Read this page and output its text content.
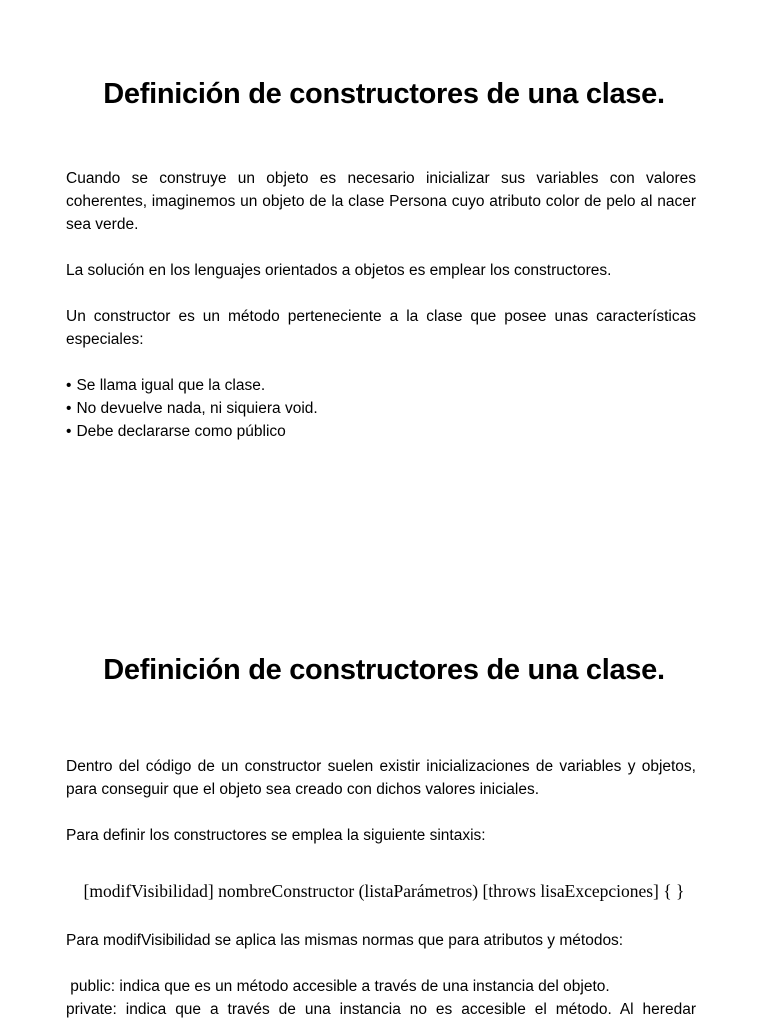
Definición de constructores de una clase.

Cuando se construye un objeto es necesario inicializar sus variables con valores coherentes, imaginemos un objeto de la clase Persona cuyo atributo color de pelo al nacer sea verde.

La solución en los lenguajes orientados a objetos es emplear los constructores.

Un constructor es un método perteneciente a la clase que posee unas características especiales:

• Se llama igual que la clase.
• No devuelve nada, ni siquiera void.
• Debe declararse como público
Definición de constructores de una clase.

Dentro del código de un constructor suelen existir inicializaciones de variables y objetos, para conseguir que el objeto sea creado con dichos valores iniciales.

Para definir los constructores se emplea la siguiente sintaxis:

[modifVisibilidad] nombreConstructor (listaParámetros) [throws lisaExcepciones] { }
Para modifVisibilidad se aplica las mismas normas que para atributos y métodos:

public: indica que es un método accesible a través de una instancia del objeto.

private: indica que a través de una instancia no es accesible el método. Al heredar
